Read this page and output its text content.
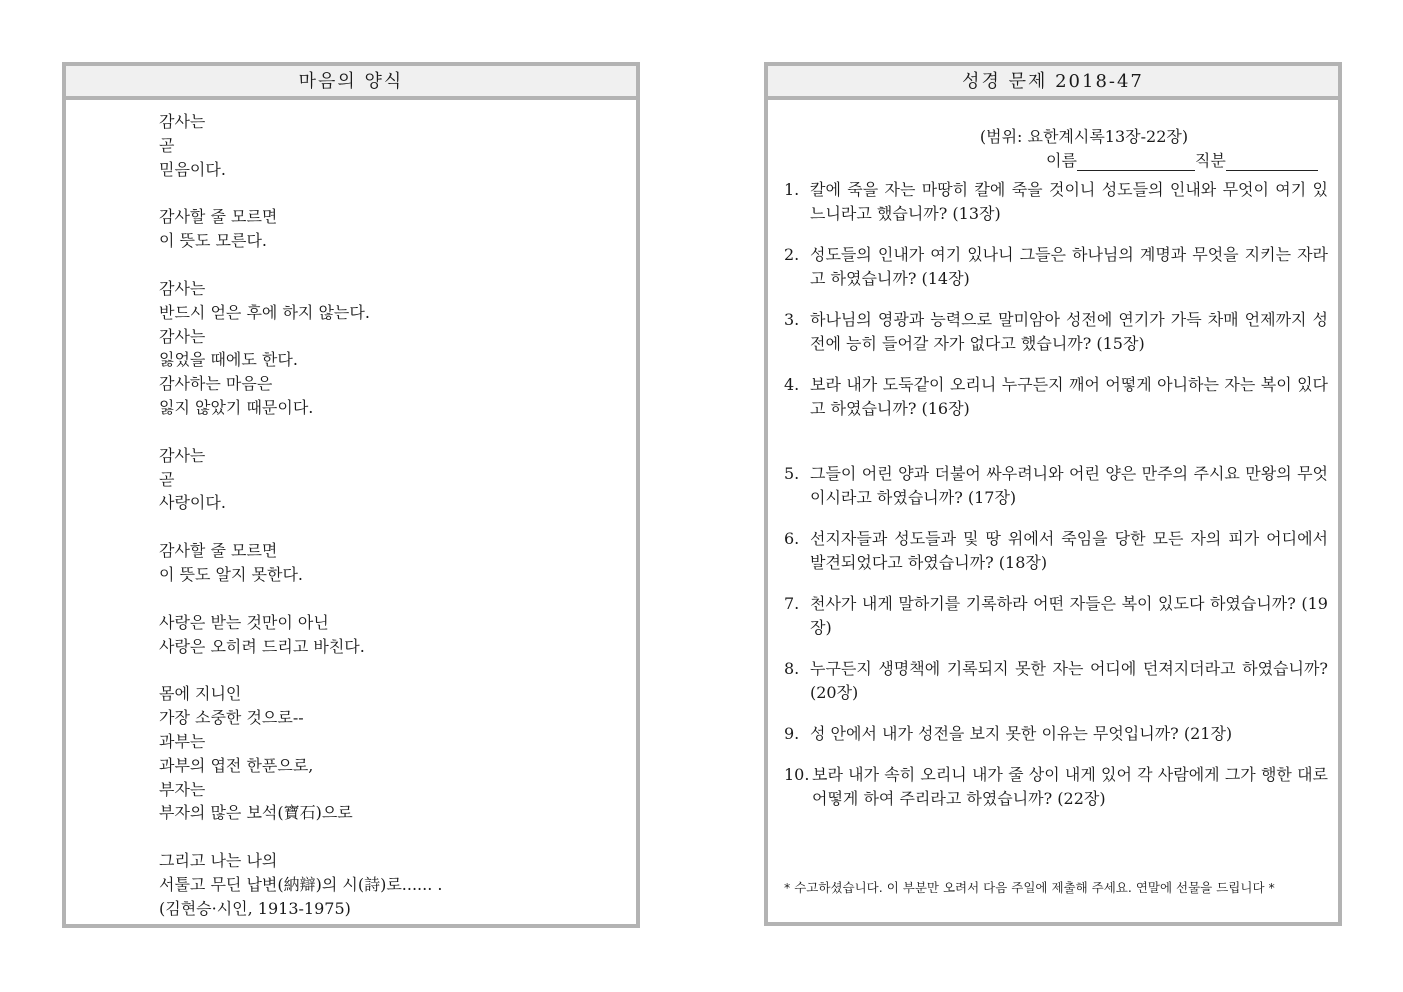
마음의 양식
감사는
곧
믿음이다.
감사할 줄 모르면
이 뜻도 모른다.
감사는
반드시 얻은 후에 하지 않는다.
감사는
잃었을 때에도 한다.
감사하는 마음은
잃지 않았기 때문이다.
감사는
곧
사랑이다.
감사할 줄 모르면
이 뜻도 알지 못한다.
사랑은 받는 것만이 아닌
사랑은 오히려 드리고 바친다.
몸에 지니인
가장 소중한 것으로--
과부는
과부의 엽전 한푼으로,
부자는
부자의 많은 보석(寶石)으로
그리고 나는 나의
서툴고 무딘 납변(納辯)의 시(詩)로...... .
(김현승·시인, 1913-1975)
성경 문제 2018-47
(범위: 요한계시록13장-22장)
이름	직분
1. 칼에 죽을 자는 마땅히 칼에 죽을 것이니 성도들의 인내와 무엇이 여기 있느니라고 했습니까? (13장)
2. 성도들의 인내가 여기 있나니 그들은 하나님의 계명과 무엇을 지키는 자라고 하였습니까? (14장)
3. 하나님의 영광과 능력으로 말미암아 성전에 연기가 가득 차매 언제까지 성전에 능히 들어갈 자가 없다고 했습니까? (15장)
4. 보라 내가 도둑같이 오리니 누구든지 깨어 어떻게 아니하는 자는 복이 있다고 하였습니까? (16장)
5. 그들이 어린 양과 더불어 싸우려니와 어린 양은 만주의 주시요 만왕의 무엇이시라고 하였습니까? (17장)
6. 선지자들과 성도들과 및 땅 위에서 죽임을 당한 모든 자의 피가 어디에서 발견되었다고 하였습니까? (18장)
7. 천사가 내게 말하기를 기록하라 어떤 자들은 복이 있도다 하였습니까? (19장)
8. 누구든지 생명책에 기록되지 못한 자는 어디에 던져지더라고 하였습니까? (20장)
9. 성 안에서 내가 성전을 보지 못한 이유는 무엇입니까? (21장)
10. 보라 내가 속히 오리니 내가 줄 상이 내게 있어 각 사람에게 그가 행한 대로 어떻게 하여 주리라고 하였습니까? (22장)
* 수고하셨습니다. 이 부분만 오려서 다음 주일에 제출해 주세요. 연말에 선물을 드립니다 *
